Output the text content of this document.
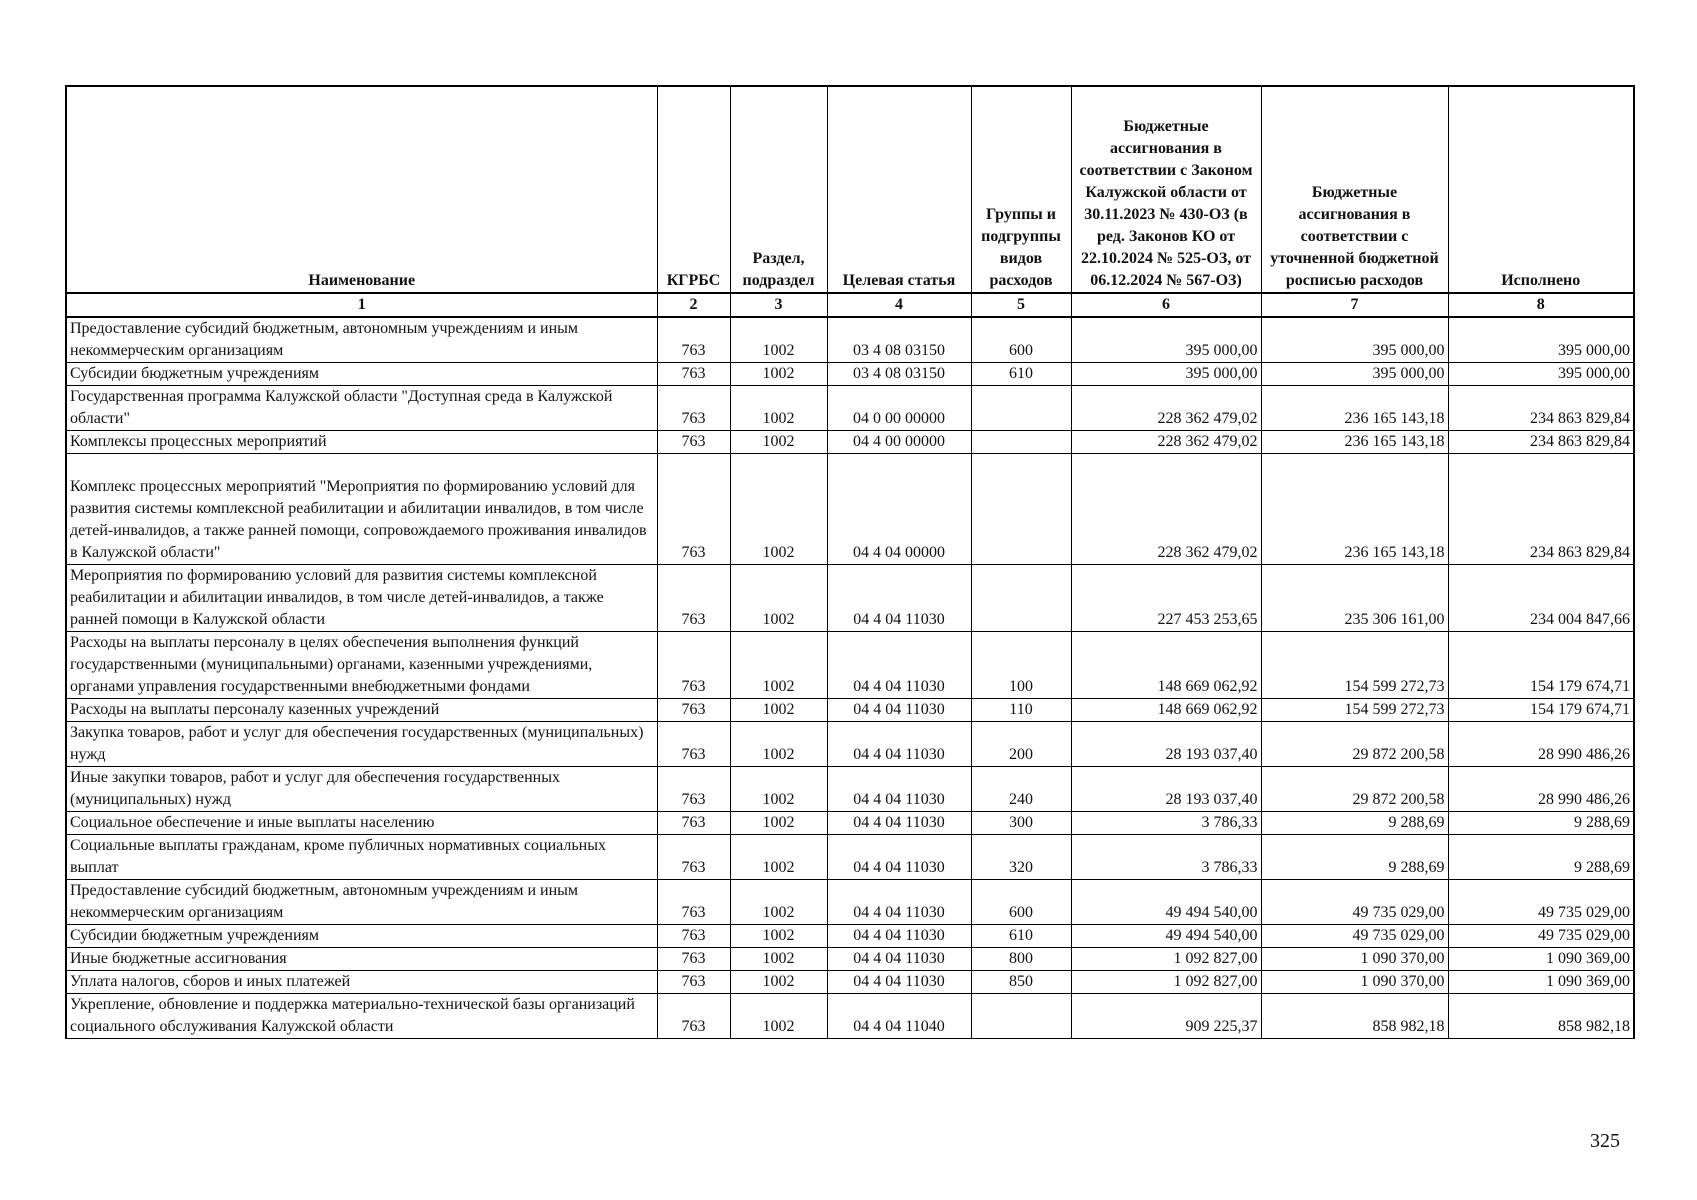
Наименование	КГРБС	Раздел, подраздел	Целевая статья	Группы и подгруппы видов расходов	Бюджетные ассигнования в соответствии с Законом Калужской области от 30.11.2023 № 430-ОЗ (в ред. Законов КО от 22.10.2024 № 525-ОЗ, от 06.12.2024 № 567-ОЗ)	Бюджетные ассигнования в соответствии с уточненной бюджетной росписью расходов	Исполнено
1	2	3	4	5	6	7	8
Предоставление субсидий бюджетным, автономным учреждениям и иным некоммерческим организациям	763	1002	03 4 08 03150	600	395 000,00	395 000,00	395 000,00
Субсидии бюджетным учреждениям	763	1002	03 4 08 03150	610	395 000,00	395 000,00	395 000,00
Государственная программа Калужской области "Доступная среда в Калужской области"	763	1002	04 0 00 00000		228 362 479,02	236 165 143,18	234 863 829,84
Комплексы процессных мероприятий	763	1002	04 4 00 00000		228 362 479,02	236 165 143,18	234 863 829,84
Комплекс процессных мероприятий "Мероприятия по формированию условий для развития системы комплексной реабилитации и абилитации инвалидов, в том числе детей-инвалидов, а также ранней помощи, сопровождаемого проживания инвалидов в Калужской области"	763	1002	04 4 04 00000		228 362 479,02	236 165 143,18	234 863 829,84
Мероприятия по формированию условий для развития системы комплексной реабилитации и абилитации инвалидов, в том числе детей-инвалидов, а также ранней помощи в Калужской области	763	1002	04 4 04 11030		227 453 253,65	235 306 161,00	234 004 847,66
Расходы на выплаты персоналу в целях обеспечения выполнения функций государственными (муниципальными) органами, казенными учреждениями, органами управления государственными внебюджетными фондами	763	1002	04 4 04 11030	100	148 669 062,92	154 599 272,73	154 179 674,71
Расходы на выплаты персоналу казенных учреждений	763	1002	04 4 04 11030	110	148 669 062,92	154 599 272,73	154 179 674,71
Закупка товаров, работ и услуг для обеспечения государственных (муниципальных) нужд	763	1002	04 4 04 11030	200	28 193 037,40	29 872 200,58	28 990 486,26
Иные закупки товаров, работ и услуг для обеспечения государственных (муниципальных) нужд	763	1002	04 4 04 11030	240	28 193 037,40	29 872 200,58	28 990 486,26
Социальное обеспечение и иные выплаты населению	763	1002	04 4 04 11030	300	3 786,33	9 288,69	9 288,69
Социальные выплаты гражданам, кроме публичных нормативных социальных выплат	763	1002	04 4 04 11030	320	3 786,33	9 288,69	9 288,69
Предоставление субсидий бюджетным, автономным учреждениям и иным некоммерческим организациям	763	1002	04 4 04 11030	600	49 494 540,00	49 735 029,00	49 735 029,00
Субсидии бюджетным учреждениям	763	1002	04 4 04 11030	610	49 494 540,00	49 735 029,00	49 735 029,00
Иные бюджетные ассигнования	763	1002	04 4 04 11030	800	1 092 827,00	1 090 370,00	1 090 369,00
Уплата налогов, сборов и иных платежей	763	1002	04 4 04 11030	850	1 092 827,00	1 090 370,00	1 090 369,00
Укрепление, обновление и поддержка материально-технической базы организаций социального обслуживания Калужской области	763	1002	04 4 04 11040		909 225,37	858 982,18	858 982,18
325
